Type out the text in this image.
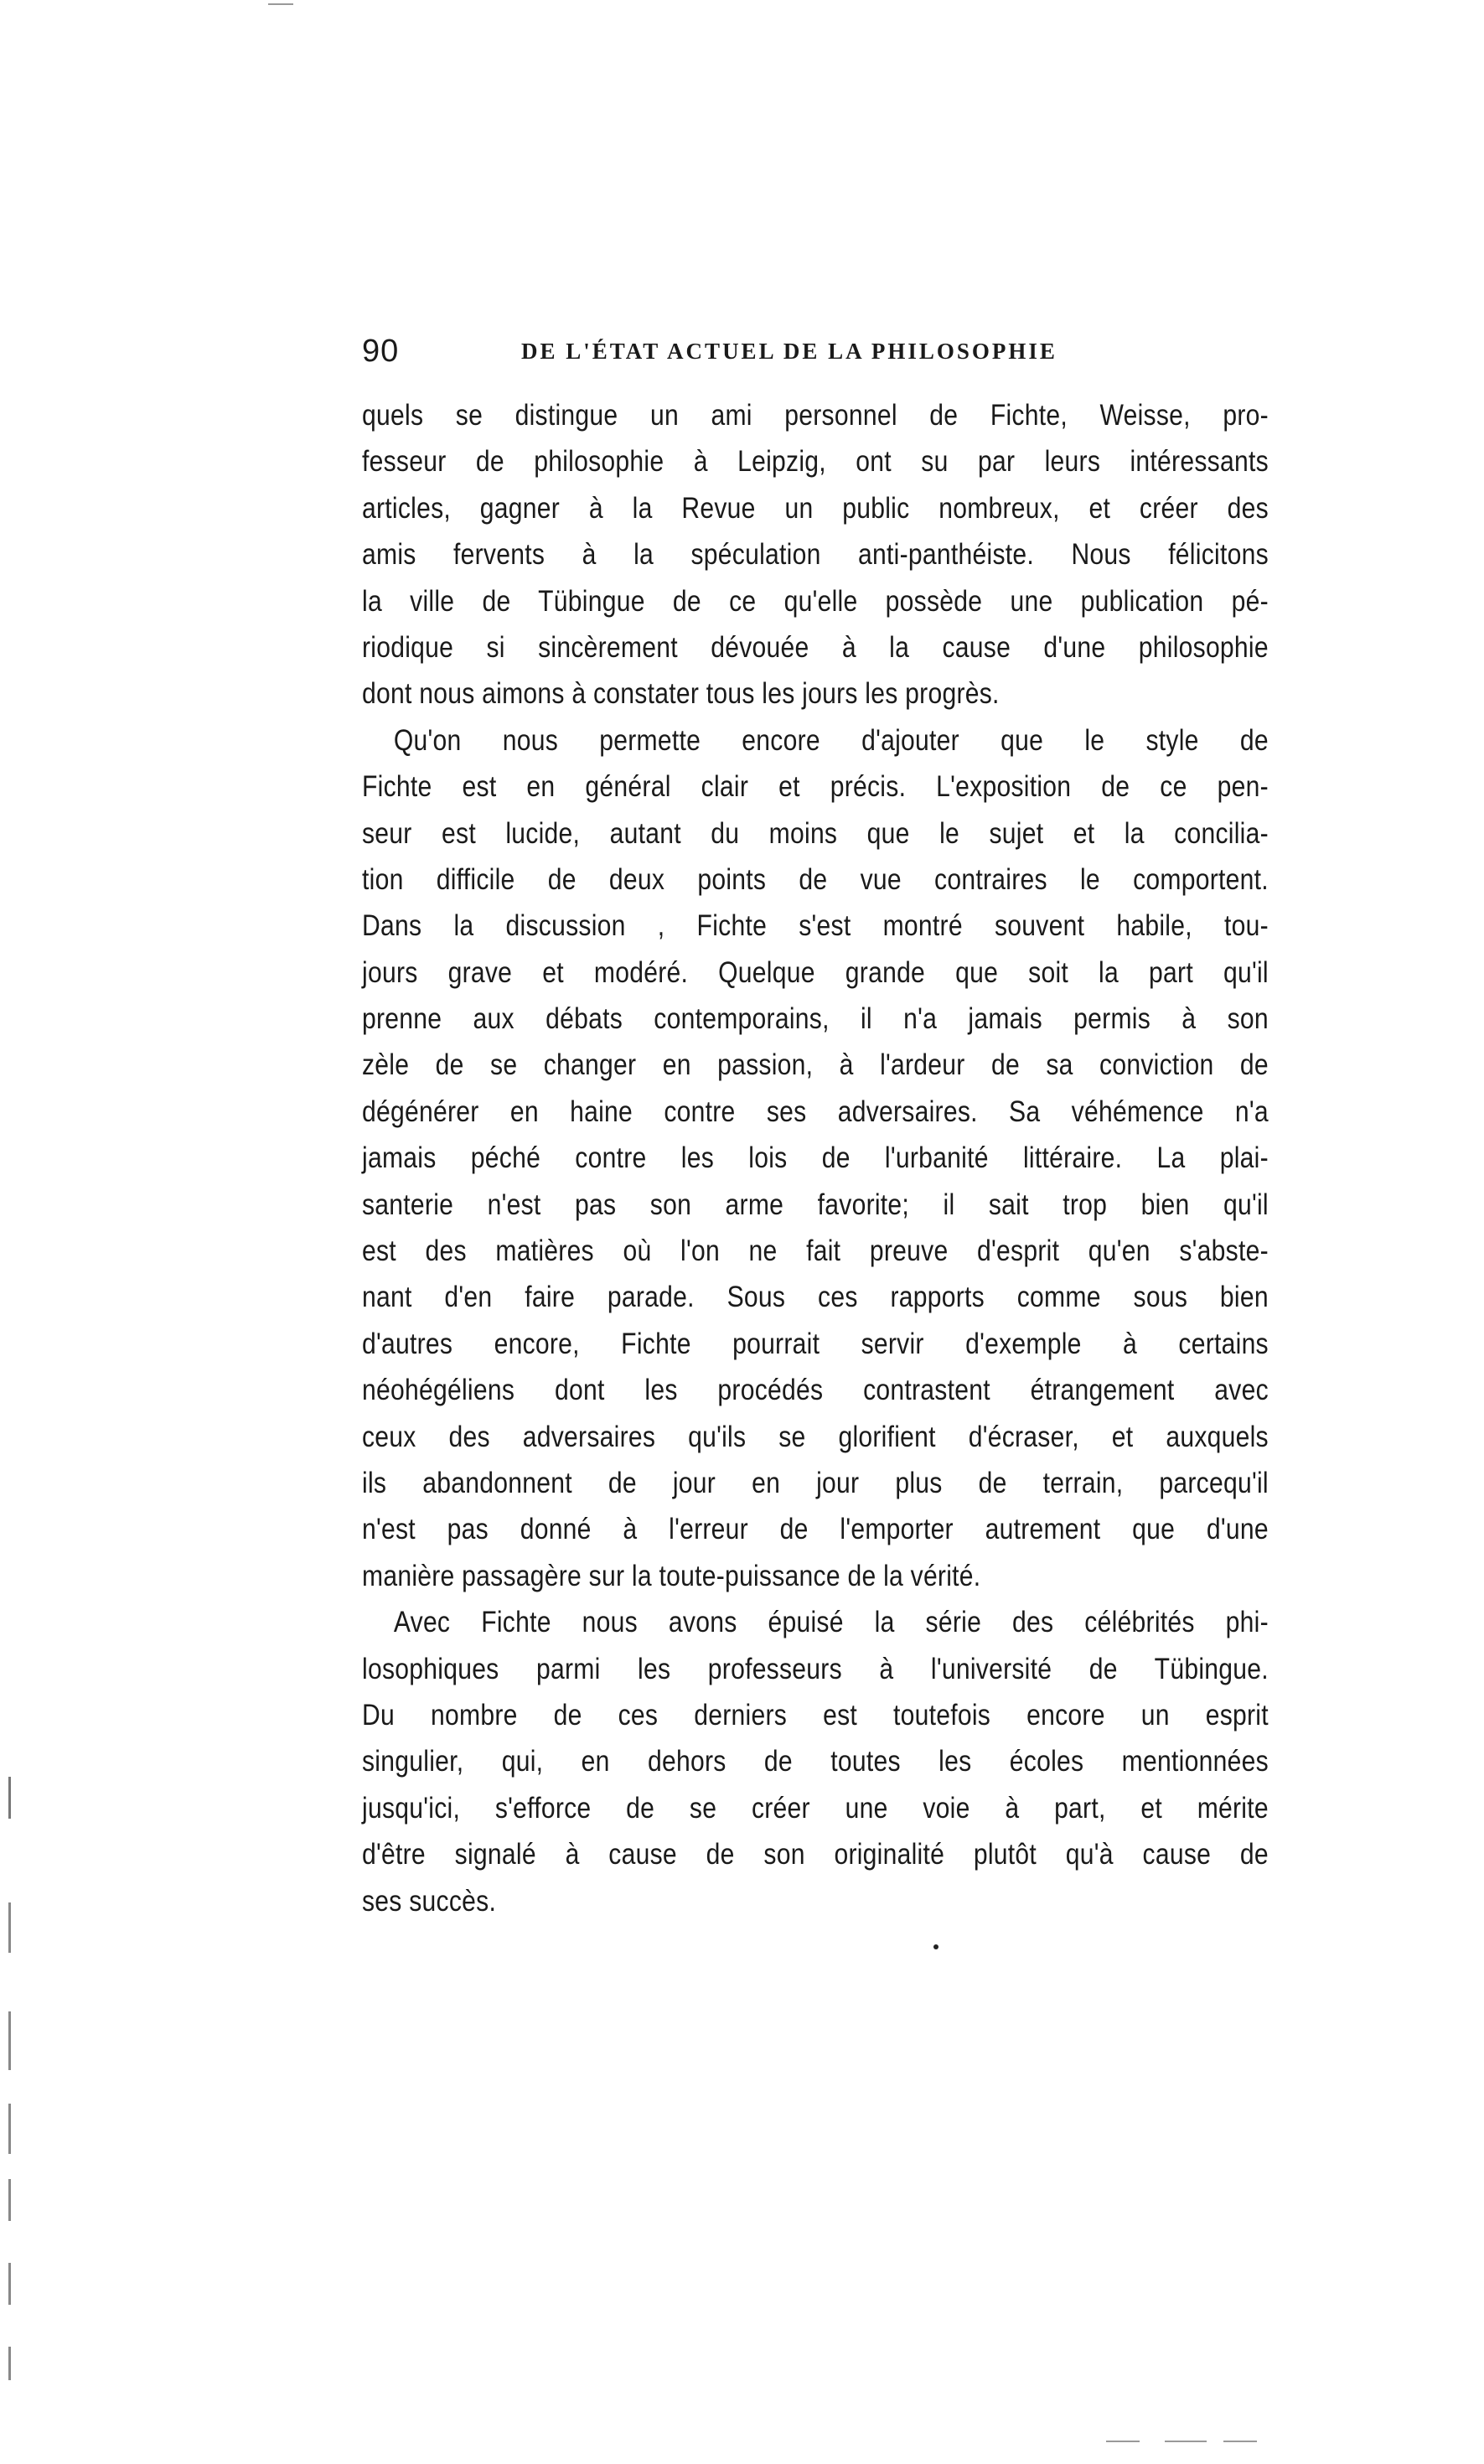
90	DE L'ÉTAT ACTUEL DE LA PHILOSOPHIE
quels se distingue un ami personnel de Fichte, Weisse, pro-
fesseur de philosophie à Leipzig, ont su par leurs intéressants
articles, gagner à la Revue un public nombreux, et créer des
amis fervents à la spéculation anti-panthéiste. Nous félicitons
la ville de Tübingue de ce qu'elle possède une publication pé-
riodique si sincèrement dévouée à la cause d'une philosophie
dont nous aimons à constater tous les jours les progrès.
Qu'on nous permette encore d'ajouter que le style de
Fichte est en général clair et précis. L'exposition de ce pen-
seur est lucide, autant du moins que le sujet et la concilia-
tion difficile de deux points de vue contraires le comportent.
Dans la discussion , Fichte s'est montré souvent habile, tou-
jours grave et modéré. Quelque grande que soit la part qu'il
prenne aux débats contemporains, il n'a jamais permis à son
zèle de se changer en passion, à l'ardeur de sa conviction de
dégénérer en haine contre ses adversaires. Sa véhémence n'a
jamais péché contre les lois de l'urbanité littéraire. La plai-
santerie n'est pas son arme favorite; il sait trop bien qu'il
est des matières où l'on ne fait preuve d'esprit qu'en s'abste-
nant d'en faire parade. Sous ces rapports comme sous bien
d'autres encore, Fichte pourrait servir d'exemple à certains
néohégéliens dont les procédés contrastent étrangement avec
ceux des adversaires qu'ils se glorifient d'écraser, et auxquels
ils abandonnent de jour en jour plus de terrain, parcequ'il
n'est pas donné à l'erreur de l'emporter autrement que d'une
manière passagère sur la toute-puissance de la vérité.
Avec Fichte nous avons épuisé la série des célébrités phi-
losophiques parmi les professeurs à l'université de Tübingue.
Du nombre de ces derniers est toutefois encore un esprit
singulier, qui, en dehors de toutes les écoles mentionnées
jusqu'ici, s'efforce de se créer une voie à part, et mérite
d'être signalé à cause de son originalité plutôt qu'à cause de
ses succès.
